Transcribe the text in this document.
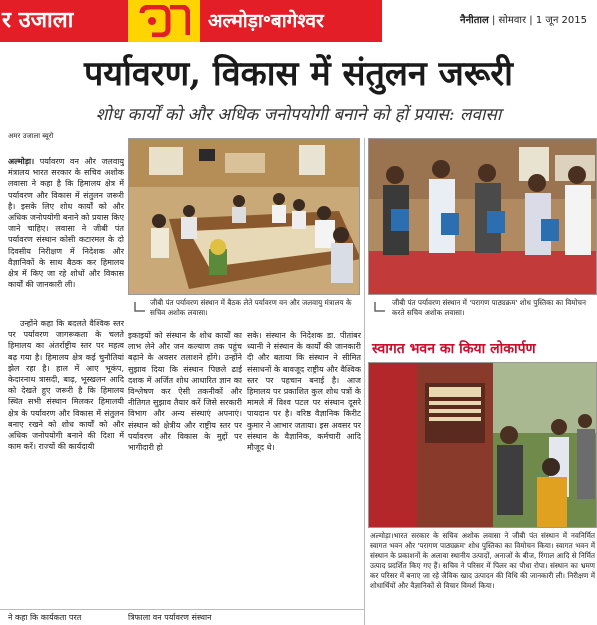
र उजाला	अल्मोड़ा॰बागेश्वर	नैनीताल | सोमवार | 1 जून 2015
पर्यावरण, विकास में संतुलन जरूरी
शोध कार्यों को और अधिक जनोपयोगी बनाने को हों प्रयास: लवासा
अमर उजाला ब्यूरो
अल्मोड़ा। पर्यावरण वन और जलवायु मंत्रालय भारत सरकार के सचिव अशोक लवासा ने कहा है कि हिमालय क्षेत्र में पर्यावरण और विकास में संतुलन जरूरी है। इसके लिए शोध कार्यों को और अधिक जनोपयोगी बनाने को प्रयास किए जाने चाहिए। लवासा ने जीबी पंत पर्यावरण संस्थान कोसी कटारमल के दो दिवसीय निरीक्षण में निदेशक और वैज्ञानिकों के साथ बैठक कर हिमालय क्षेत्र में किए जा रहे शोधों और विकास कार्यों की जानकारी ली।
उन्होंने कहा कि बदलते वैश्विक स्तर पर पर्यावरण जागरूकता के चलते हिमालय का अंतर्राष्ट्रीय स्तर पर महत्व बढ़ गया है। हिमालय क्षेत्र कई चुनौतियां झेल रहा है। हाल में आए भूकंप, केदारनाथ त्रासदी, बाढ़, भूस्खलन आदि को देखते हुए जरूरी है कि हिमालय स्थित सभी संस्थान मिलकर हिमालयी क्षेत्र के पर्यावरण और विकास में संतुलन बनाए रखने को शोध कार्यों को और अधिक जनोपयोगी बनाने की दिशा में काम करें। राज्यों की कार्यदायी
जीबी पंत पर्यावरण संस्थान में बैठक लेते पर्यावरण वन और जलवायु मंत्रालय के सचिव अशोक लवासा।
जीबी पंत पर्यावरण संस्थान में 'परागण पाठ्यक्रम' शोध पुस्तिका का विमोचन करते सचिव अशोक लवासा।
इकाइयों को संस्थान के शोध कार्यों का लाभ लेने और जन कल्याण तक पहुंच बढ़ाने के अवसर तलाशने होंगे। उन्होंने सुझाव दिया कि संस्थान पिछले ढाई दशक में अर्जित शोध आधारित ज्ञान का विश्लेषण कर ऐसी तकनीकों और नीतिगत सुझाव तैयार करें जिसे सरकारी विभाग और अन्य संस्थाएं अपनाएं। संस्थान को क्षेत्रीय और राष्ट्रीय स्तर पर पर्यावरण और विकास के मुद्दों पर भागीदारी हो
सके। संस्थान के निदेशक डा. पीतांबर ध्यानी ने संस्थान के कार्यों की जानकारी दी और बताया कि संस्थान ने सीमित संसाधनों के बावजूद राष्ट्रीय और वैश्विक स्तर पर पहचान बनाई है। आज हिमालय पर प्रकाशित कुल शोध पत्रों के मामले में विश्व पटल पर संस्थान दूसरे पायदान पर है। वरिष्ठ वैज्ञानिक किरीट कुमार ने आभार जताया। इस अवसर पर संस्थान के वैज्ञानिक, कर्मचारी आदि मौजूद थे।
स्वागत भवन का किया लोकार्पण
अल्मोड़ा।भारत सरकार के सचिव अशोक लवासा ने जीबी पंत संस्थान में नवनिर्मित स्वागत भवन और 'परागण पाठ्यक्रम' शोध पुस्तिका का विमोचन किया। स्वागत भवन में संस्थान के प्रकाशनों के अलावा स्थानीय उत्पादों, अनाजों के बीज, रिंगाल आदि से निर्मित उत्पाद प्रदर्शित किए गए हैं। सचिव ने परिसर में पिलर का पौधा रोपा। संस्थान का भ्रमण कर परिसर में बनाए जा रहे जैविक खाद उत्पादन की विधि की जानकारी ली। निरीक्षण में शोधार्थियों और वैज्ञानिकों से विचार विमर्श किया।
ने कहा कि कार्यकता परत	त्रिफाला वन पर्यावरण संस्थान
